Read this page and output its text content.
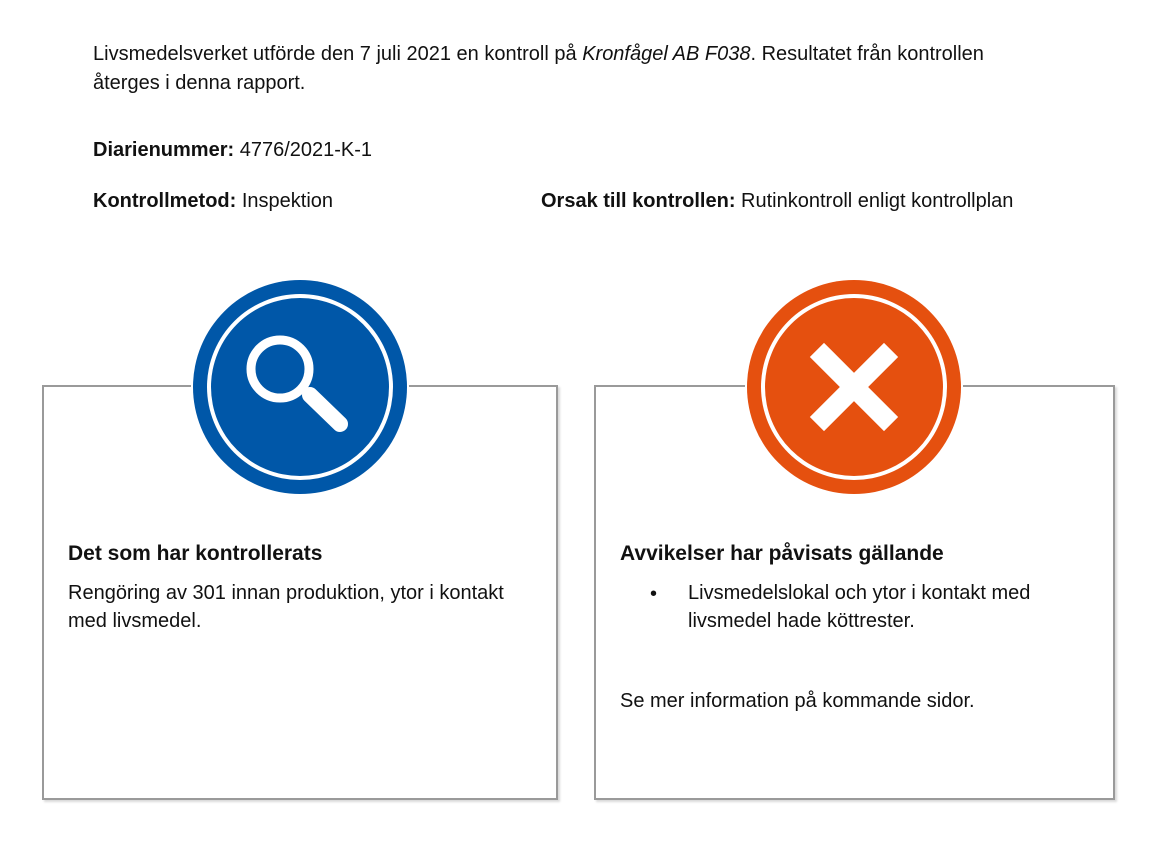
Livsmedelsverket utförde den 7 juli 2021 en kontroll på Kronfågel AB F038. Resultatet från kontrollen återges i denna rapport.
Diarienummer: 4776/2021-K-1
Kontrollmetod: Inspektion	Orsak till kontrollen: Rutinkontroll enligt kontrollplan
Det som har kontrollerats
Rengöring av 301 innan produktion, ytor i kontakt med livsmedel.
Avvikelser har påvisats gällande
• Livsmedelslokal och ytor i kontakt med livsmedel hade köttrester.
Se mer information på kommande sidor.
